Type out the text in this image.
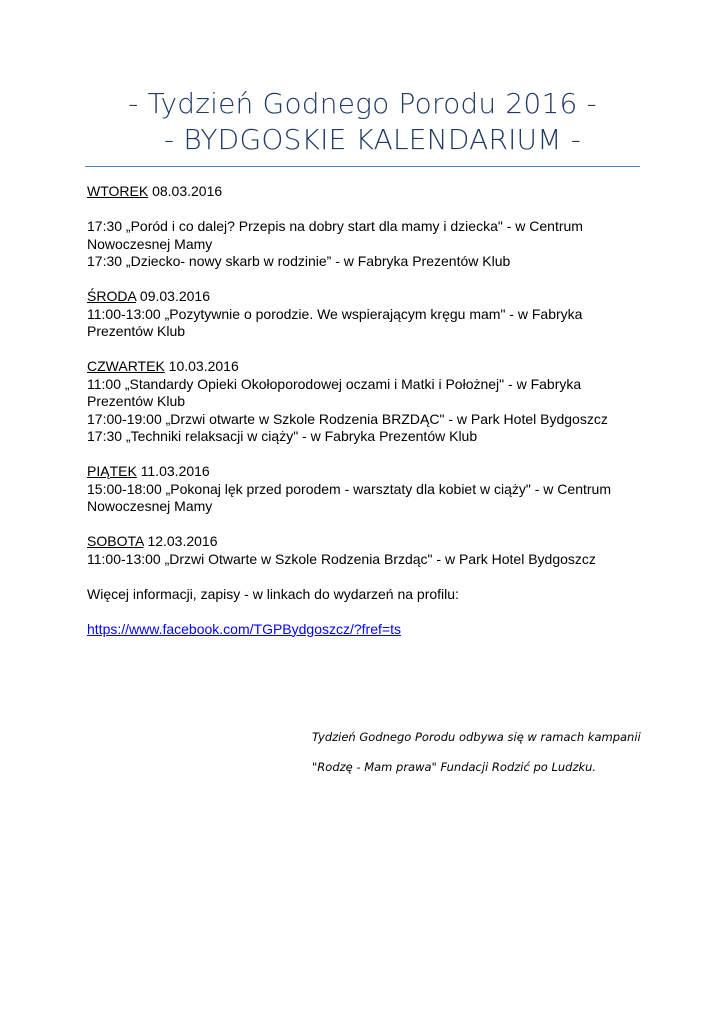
- Tydzień Godnego Porodu 2016 -
- BYDGOSKIE KALENDARIUM -
WTOREK 08.03.2016
17:30 „Poród i co dalej? Przepis na dobry start dla mamy i dziecka" - w Centrum Nowoczesnej Mamy
17:30 „Dziecko- nowy skarb w rodzinie” - w Fabryka Prezentów Klub
ŚRODA 09.03.2016
11:00-13:00 „Pozytywnie o porodzie. We wspierającym kręgu mam" - w Fabryka Prezentów Klub
CZWARTEK 10.03.2016
11:00 „Standardy Opieki Okołoporodowej oczami i Matki i Położnej" - w Fabryka Prezentów Klub
17:00-19:00 „Drzwi otwarte w Szkole Rodzenia BRZDĄC" - w Park Hotel Bydgoszcz
17:30 „Techniki relaksacji w ciąży" - w Fabryka Prezentów Klub
PIĄTEK 11.03.2016
15:00-18:00 „Pokonaj lęk przed porodem - warsztaty dla kobiet w ciąży" - w Centrum Nowoczesnej Mamy
SOBOTA 12.03.2016
11:00-13:00 „Drzwi Otwarte w Szkole Rodzenia Brzdąc" - w Park Hotel Bydgoszcz
Więcej informacji, zapisy - w linkach do wydarzeń na profilu:
https://www.facebook.com/TGPBydgoszcz/?fref=ts
Tydzień Godnego Porodu odbywa się w ramach kampanii
"Rodzę - Mam prawa" Fundacji Rodzić po Ludzku.
